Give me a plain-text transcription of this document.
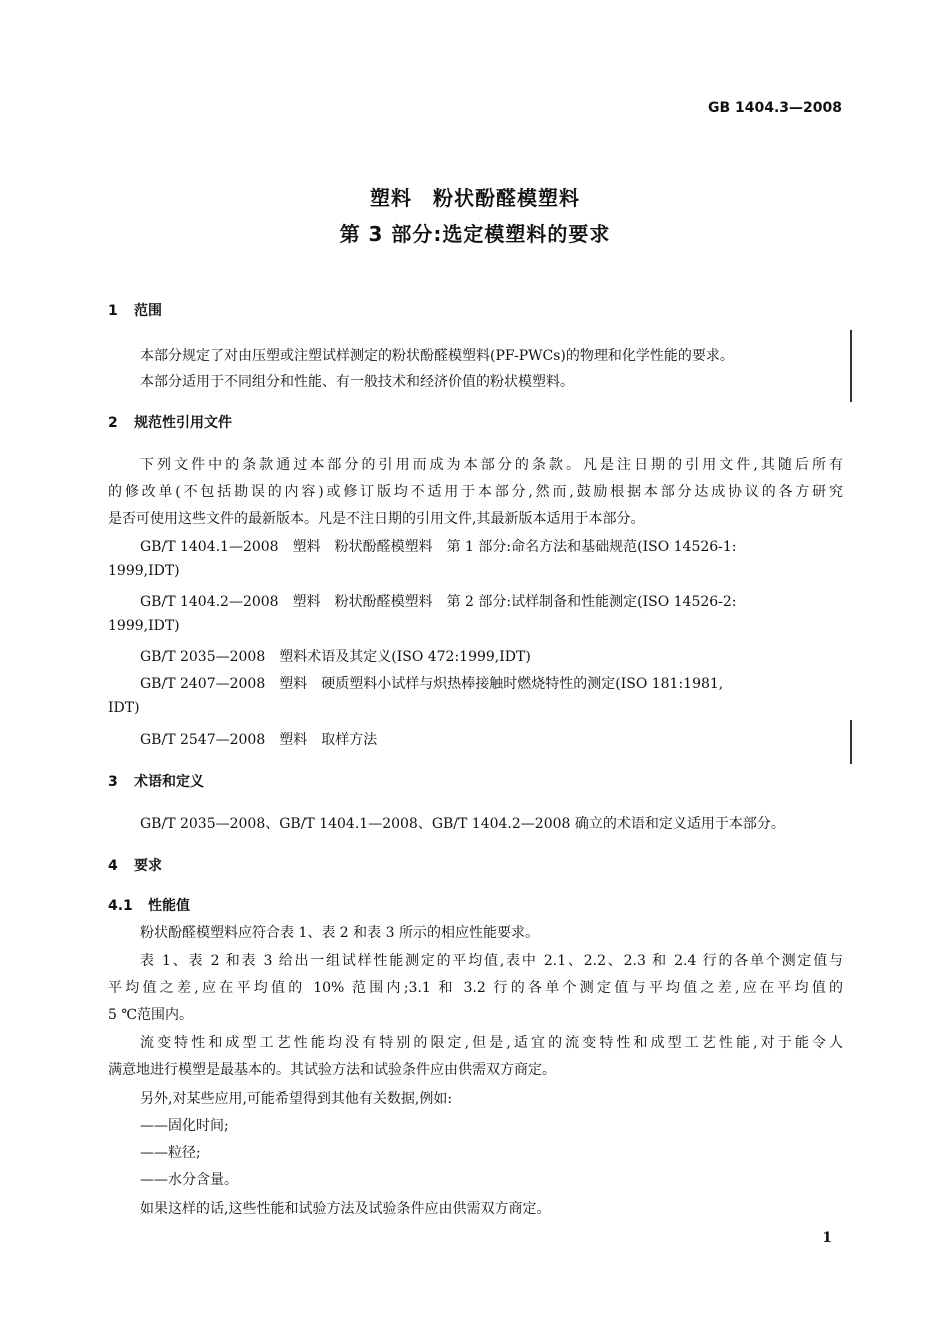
GB 1404.3—2008
塑料　粉状酚醛模塑料
第 3 部分:选定模塑料的要求
1 范围
本部分规定了对由压塑或注塑试样测定的粉状酚醛模塑料(PF-PWCs)的物理和化学性能的要求。
本部分适用于不同组分和性能、有一般技术和经济价值的粉状模塑料。
2 规范性引用文件
下列文件中的条款通过本部分的引用而成为本部分的条款。凡是注日期的引用文件,其随后所有
的修改单(不包括勘误的内容)或修订版均不适用于本部分,然而,鼓励根据本部分达成协议的各方研究
是否可使用这些文件的最新版本。凡是不注日期的引用文件,其最新版本适用于本部分。
GB/T 1404.1—2008　塑料　粉状酚醛模塑料　第 1 部分:命名方法和基础规范(ISO 14526-1:
1999,IDT)
GB/T 1404.2—2008　塑料　粉状酚醛模塑料　第 2 部分:试样制备和性能测定(ISO 14526-2:
1999,IDT)
GB/T 2035—2008　塑料术语及其定义(ISO 472:1999,IDT)
GB/T 2407—2008　塑料　硬质塑料小试样与炽热棒接触时燃烧特性的测定(ISO 181:1981,
IDT)
GB/T 2547—2008　塑料　取样方法
3 术语和定义
GB/T 2035—2008、GB/T 1404.1—2008、GB/T 1404.2—2008 确立的术语和定义适用于本部分。
4 要求
4.1 性能值
粉状酚醛模塑料应符合表 1、表 2 和表 3 所示的相应性能要求。
表 1、表 2 和表 3 给出一组试样性能测定的平均值,表中 2.1、2.2、2.3 和 2.4 行的各单个测定值与
平均值之差,应在平均值的 10% 范围内;3.1 和 3.2 行的各单个测定值与平均值之差,应在平均值的
5 ℃范围内。
流变特性和成型工艺性能均没有特别的限定,但是,适宜的流变特性和成型工艺性能,对于能令人
满意地进行模塑是最基本的。其试验方法和试验条件应由供需双方商定。
另外,对某些应用,可能希望得到其他有关数据,例如:
——固化时间;
——粒径;
——水分含量。
如果这样的话,这些性能和试验方法及试验条件应由供需双方商定。
1
